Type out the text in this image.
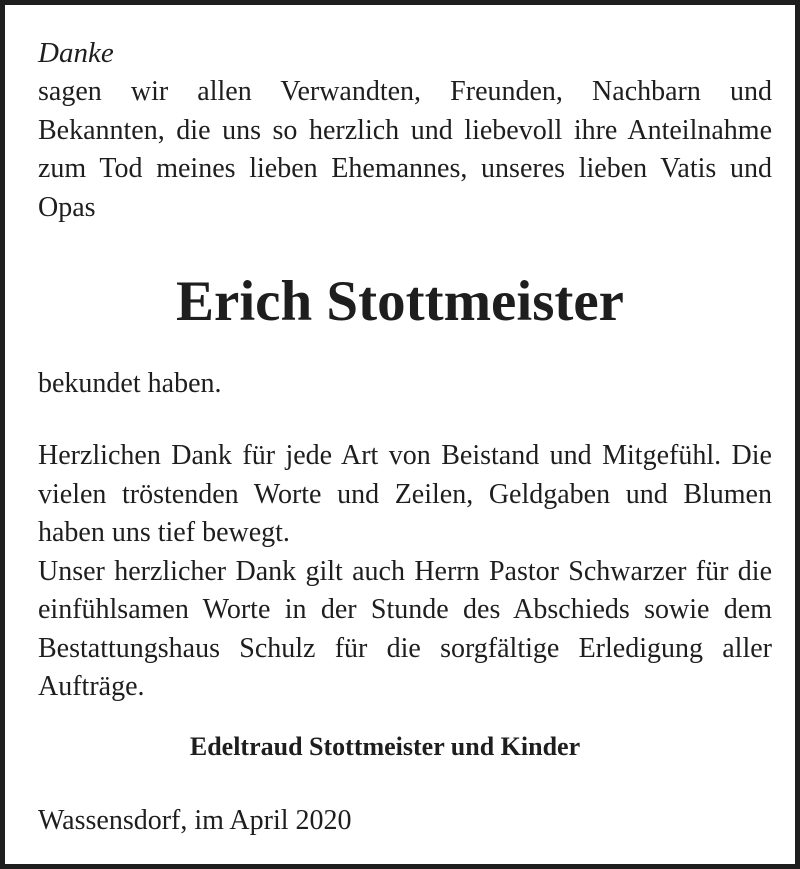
Danke

sagen wir allen Verwandten, Freunden, Nachbarn und Bekannten, die uns so herzlich und liebevoll ihre Anteilnahme zum Tod meines lieben Ehemannes, unseres lieben Vatis und Opas

Erich Stottmeister

bekundet haben.

Herzlichen Dank für jede Art von Beistand und Mitgefühl. Die vielen tröstenden Worte und Zeilen, Geldgaben und Blumen haben uns tief bewegt.

Unser herzlicher Dank gilt auch Herrn Pastor Schwarzer für die einfühlsamen Worte in der Stunde des Abschieds sowie dem Bestattungshaus Schulz für die sorgfältige Erledigung aller Aufträge.

Edeltraud Stottmeister und Kinder

Wassensdorf, im April 2020
